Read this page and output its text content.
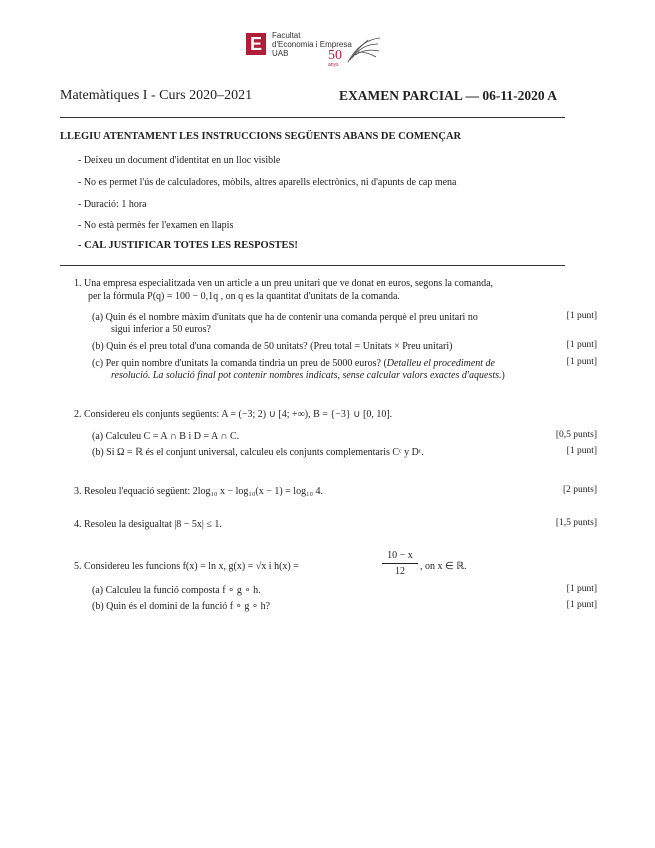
E Facultat
d'Economia i Empresa
UAB	50
anys
Matemàtiques I - Curs 2020–2021	EXAMEN PARCIAL — 06-11-2020 A
LLEGIU ATENTAMENT LES INSTRUCCIONS SEGÜENTS ABANS DE COMENÇAR
- Deixeu un document d'identitat en un lloc visible
- No es permet l'ús de calculadores, mòbils, altres aparells electrònics, ni d'apunts de cap mena
- Duració: 1 hora
- No està permès fer l'examen en llapis
- CAL JUSTIFICAR TOTES LES RESPOSTES!
1. Una empresa especialitzada ven un article a un preu unitari que ve donat en euros, segons la comanda,
per la fórmula P(q) = 100 − 0,1q , on q es la quantitat d'unitats de la comanda.
(a) Quin és el nombre màxim d'unitats que ha de contenir una comanda perquè el preu unitari no
sigui inferior a 50 euros?
[1 punt]
(b) Quin és el preu total d'una comanda de 50 unitats? (Preu total = Unitats × Preu unitari)	[1 punt]
(c) Per quin nombre d'unitats la comanda tindria un preu de 5000 euros? (Detalleu el procediment de
resolució. La solució final pot contenir nombres indicats, sense calcular valors exactes d'aquests.)
[1 punt]
2. Considereu els conjunts següents: A = (−3; 2) ∪ [4; +∞), B = {−3} ∪ [0, 10].
(a) Calculeu C = A ∩ B i D = A ∩ C.	[0,5 punts]
(b) Si Ω = ℝ és el conjunt universal, calculeu els conjunts complementaris Cᶜ y Dᶜ.	[1 punt]
3. Resoleu l'equació següent: 2log₁₀ x − log₁₀(x − 1) = log₁₀ 4.	[2 punts]
4. Resoleu la desigualtat |8 − 5x| ≤ 1.	[1,5 punts]
5. Considereu les funcions f(x) = ln x, g(x) = √x i h(x) =
10 − x
12	, on x ∈ ℝ.
(a) Calculeu la funció composta f ∘ g ∘ h.	[1 punt]
(b) Quin és el domini de la funció f ∘ g ∘ h?	[1 punt]
